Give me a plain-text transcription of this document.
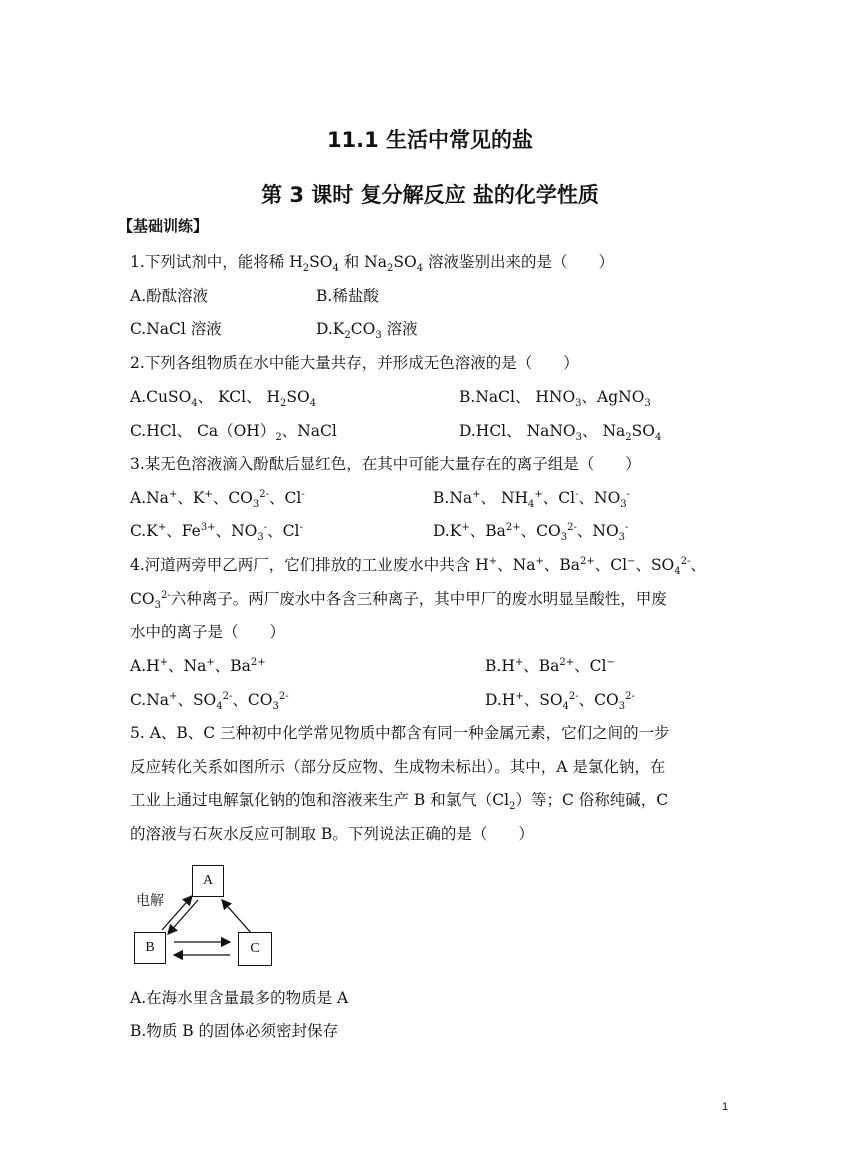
11.1 生活中常见的盐
第 3 课时 复分解反应 盐的化学性质
【基础训练】
1.下列试剂中，能将稀 $H_2SO_4$ 和 $Na_2SO_4$ 溶液鉴别出来的是（　　）
A.酚酞溶液	B.稀盐酸
C.NaCl 溶液	$D.K_2CO_3$ 溶液
2.下列各组物质在水中能大量共存，并形成无色溶液的是（　　）
A.CuSO$_4$、 KCl、 $H_2SO_4$	B.NaCl、 $HNO_3$、AgNO$_3$
C.HCl、 $Ca(OH)_2$、NaCl	D.HCl、 NaNO$_3$、 $Na_2SO_4$
3.某无色溶液滴入酚酞后显红色，在其中可能大量存在的离子组是（　　）
A.Na+、K+、$CO_3^{2-}$、Cl-	B.Na+、 $NH_4^+$、Cl-、$NO_3^-$
C.K+、$Fe^{3+}$、$NO_3^-$、Cl-	D.K+、$Ba^{2+}$、$CO_3^{2-}$、$NO_3^-$
4.河道两旁甲乙两厂，它们排放的工业废水中共含 H+、Na+、$Ba^{2+}$、Cl−、$SO_4^{2-}$、
$CO_3^{2-}$六种离子。两厂废水中各含三种离子，其中甲厂的废水明显呈酸性，甲废
水中的离子是（　　）
A.H+、Na+、$Ba^{2+}$	B.H+、$Ba^{2+}$、Cl−
C.Na+、$SO_4^{2-}$、$CO_3^{2-}$	D.H+、$SO_4^{2-}$、$CO_3^{2-}$
5. A、B、C 三种初中化学常见物质中都含有同一种金属元素，它们之间的一步
反应转化关系如图所示（部分反应物、生成物未标出）。其中，A 是氯化钠，在
工业上通过电解氯化钠的饱和溶液来生产 B 和氯气$(Cl_2)$等；C 俗称纯碱，C
的溶液与石灰水反应可制取 B。下列说法正确的是（　　）
A
B	C
电解
A.在海水里含量最多的物质是 A
B.物质 B 的固体必须密封保存
1
